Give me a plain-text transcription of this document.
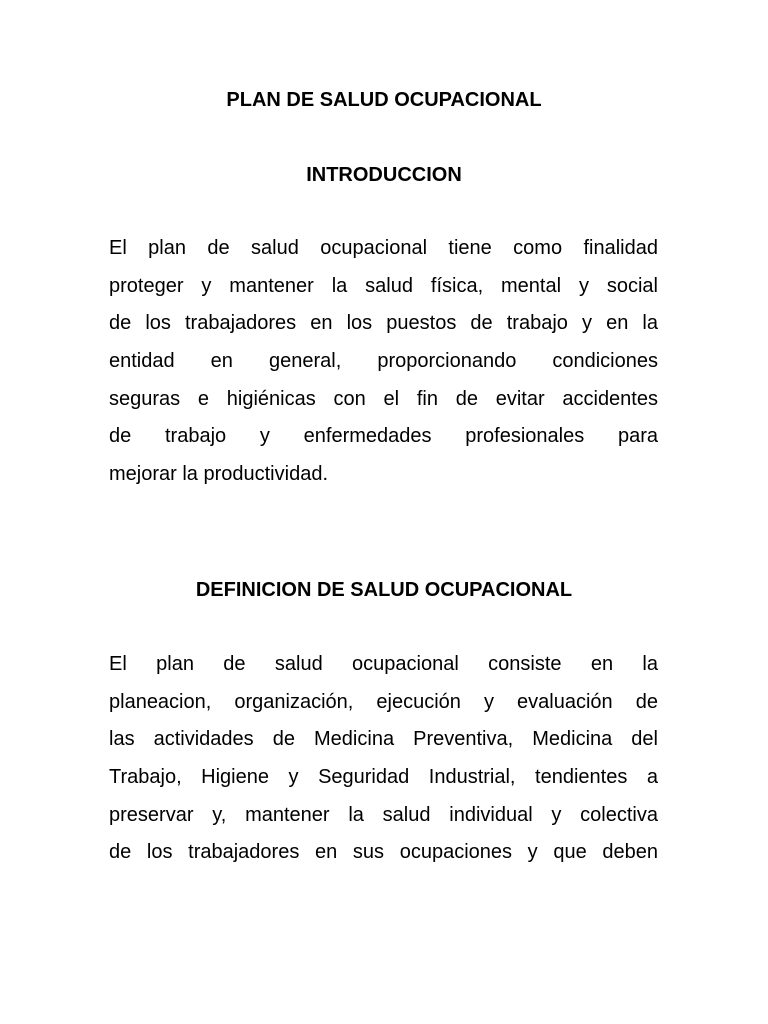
PLAN DE SALUD OCUPACIONAL
INTRODUCCION

El plan de salud ocupacional tiene como finalidad
proteger y mantener la salud física, mental y social
de los trabajadores en los puestos de trabajo y en la
entidad en general, proporcionando condiciones
seguras e higiénicas con el fin de evitar accidentes
de trabajo y enfermedades profesionales para
mejorar la productividad.

DEFINICION DE SALUD OCUPACIONAL

El plan de salud ocupacional consiste en la
planeacion, organización, ejecución y evaluación de
las actividades de Medicina Preventiva, Medicina del
Trabajo, Higiene y Seguridad Industrial, tendientes a
preservar y, mantener la salud individual y colectiva
de los trabajadores en sus ocupaciones y que deben
